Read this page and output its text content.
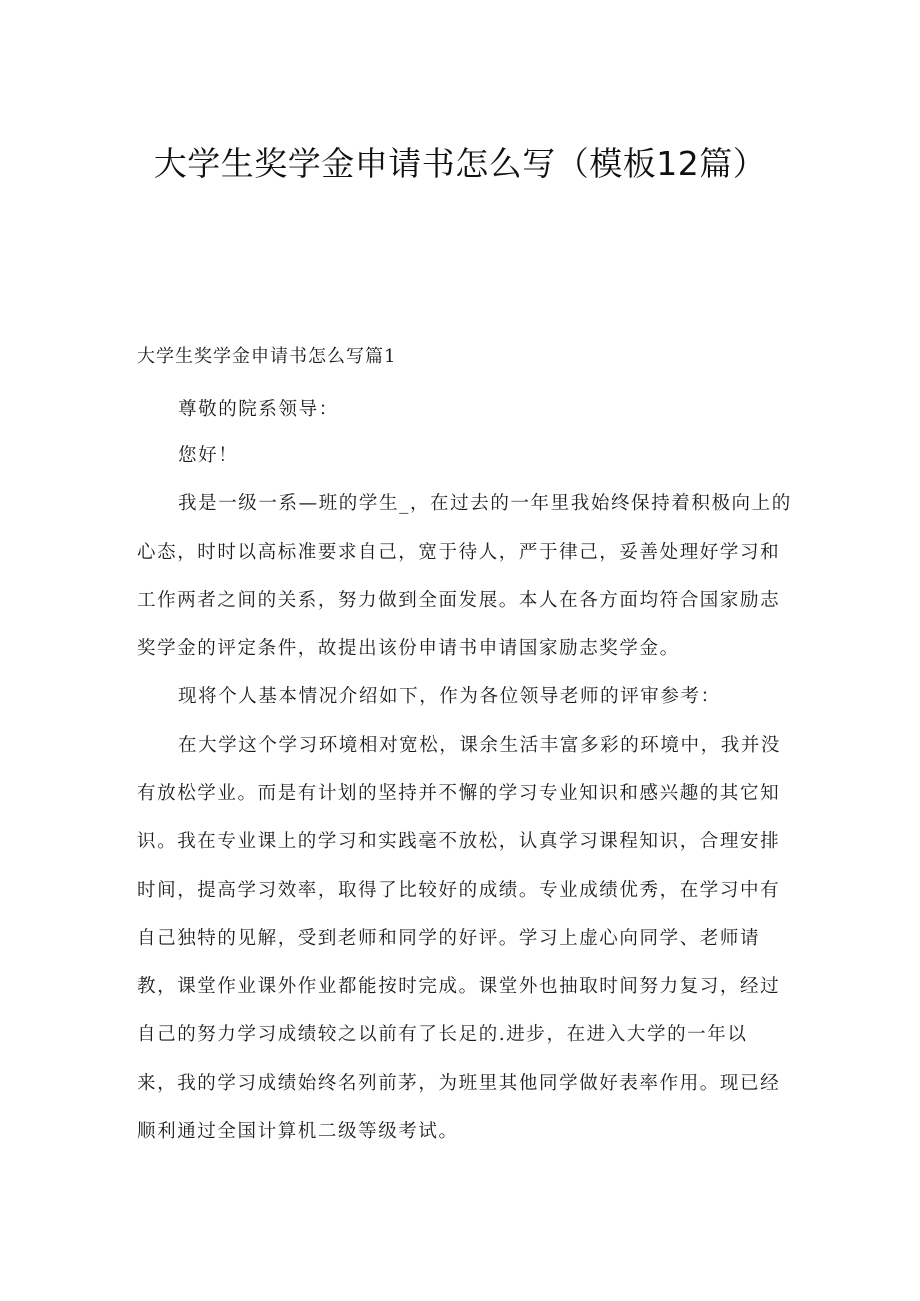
大学生奖学金申请书怎么写（模板12篇）

大学生奖学金申请书怎么写篇1

尊敬的院系领导：

您好！

我是一级一系—班的学生_，在过去的一年里我始终保持着积极向上的

心态，时时以高标准要求自己，宽于待人，严于律己，妥善处理好学习和

工作两者之间的关系，努力做到全面发展。本人在各方面均符合国家励志

奖学金的评定条件，故提出该份申请书申请国家励志奖学金。

现将个人基本情况介绍如下，作为各位领导老师的评审参考：

在大学这个学习环境相对宽松，课余生活丰富多彩的环境中，我并没

有放松学业。而是有计划的坚持并不懈的学习专业知识和感兴趣的其它知

识。我在专业课上的学习和实践毫不放松，认真学习课程知识，合理安排

时间，提高学习效率，取得了比较好的成绩。专业成绩优秀，在学习中有

自己独特的见解，受到老师和同学的好评。学习上虚心向同学、老师请

教，课堂作业课外作业都能按时完成。课堂外也抽取时间努力复习，经过

自己的努力学习成绩较之以前有了长足的.进步，在进入大学的一年以

来，我的学习成绩始终名列前茅，为班里其他同学做好表率作用。现已经

顺利通过全国计算机二级等级考试。
